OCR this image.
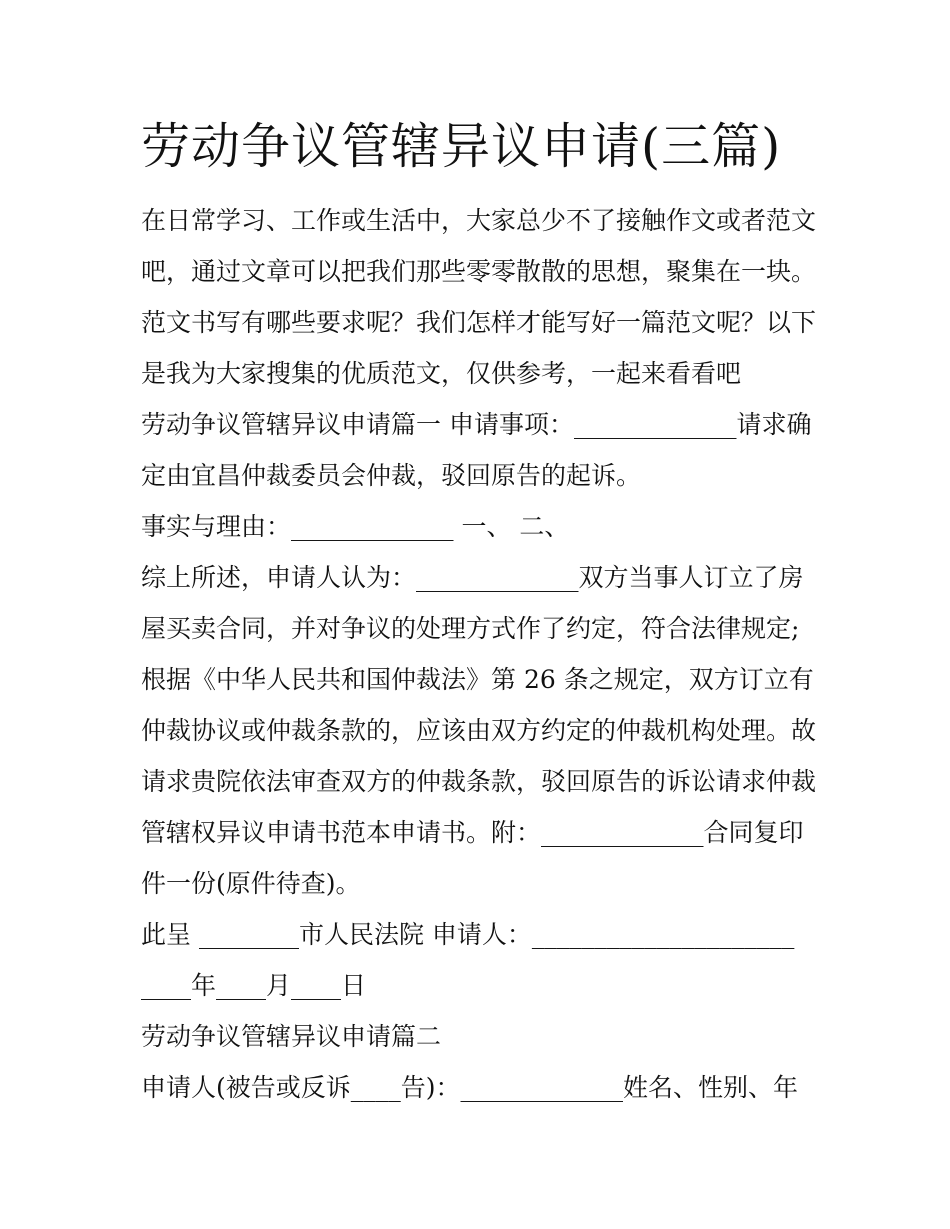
劳动争议管辖异议申请(三篇)

在日常学习、工作或生活中，大家总少不了接触作文或者范文

吧，通过文章可以把我们那些零零散散的思想，聚集在一块。

范文书写有哪些要求呢？我们怎样才能写好一篇范文呢？以下

是我为大家搜集的优质范文，仅供参考，一起来看看吧

劳动争议管辖异议申请篇一 申请事项：_____________请求确

定由宜昌仲裁委员会仲裁，驳回原告的起诉。

事实与理由：_____________ 一、 二、

综上所述，申请人认为：_____________双方当事人订立了房

屋买卖合同，并对争议的处理方式作了约定，符合法律规定;

根据《中华人民共和国仲裁法》第 26 条之规定，双方订立有

仲裁协议或仲裁条款的，应该由双方约定的仲裁机构处理。故

请求贵院依法审查双方的仲裁条款，驳回原告的诉讼请求仲裁

管辖权异议申请书范本申请书。附：_____________合同复印

件一份(原件待查)。

此呈 ________市人民法院 申请人：_____________________

____年____月____日

劳动争议管辖异议申请篇二

申请人(被告或反诉____告)：_____________姓名、性别、年
